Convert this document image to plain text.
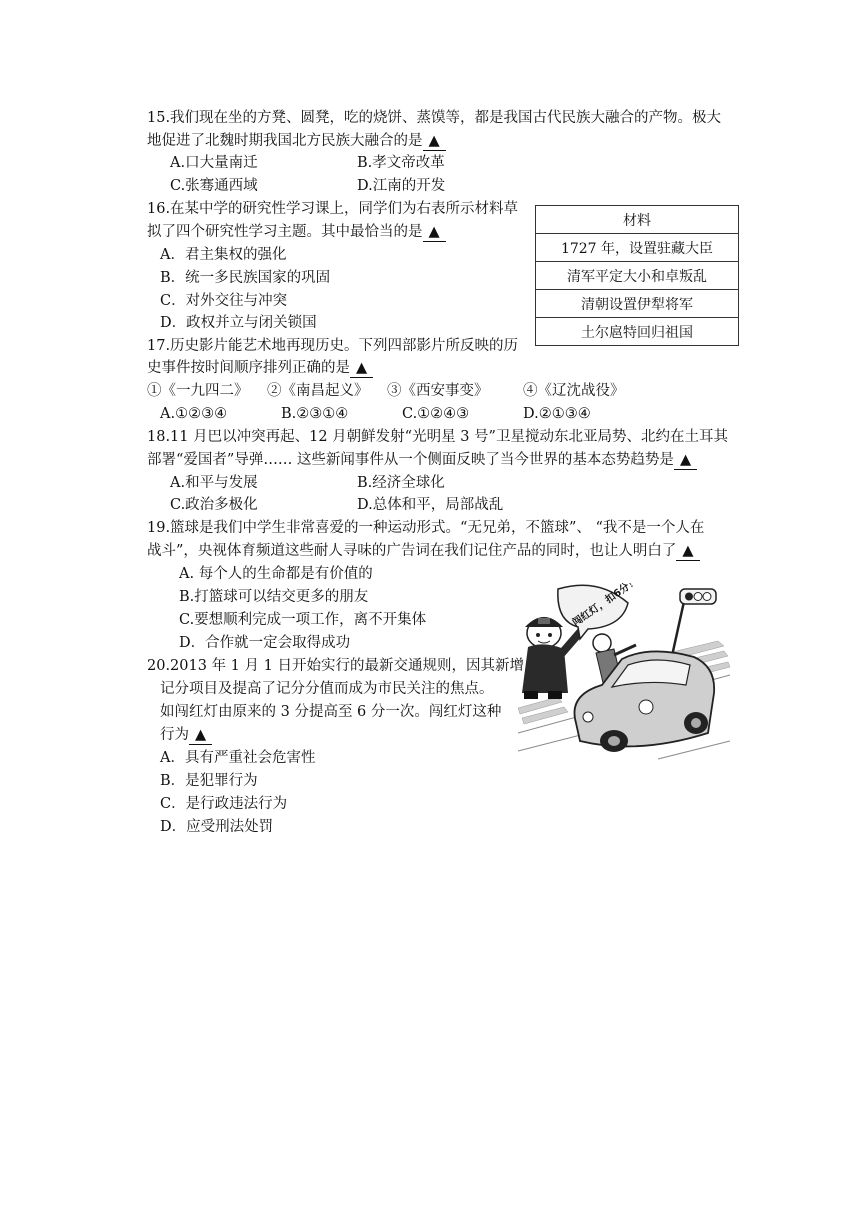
15.我们现在坐的方凳、圆凳，吃的烧饼、蒸馍等，都是我国古代民族大融合的产物。极大
地促进了北魏时期我国北方民族大融合的是 ▲
A.口大量南迁	B.孝文帝改革
C.张骞通西域	D.江南的开发
16.在某中学的研究性学习课上，同学们为右表所示材料草
拟了四个研究性学习主题。其中最恰当的是 ▲
A．君主集权的强化
B．统一多民族国家的巩固
C．对外交往与冲突
D．政权并立与闭关锁国
材料
1727 年，设置驻藏大臣
清军平定大小和卓叛乱
清朝设置伊犁将军
土尔扈特回归祖国
17.历史影片能艺术地再现历史。下列四部影片所反映的历
史事件按时间顺序排列正确的是 ▲
①《一九四二》 ②《南昌起义》 ③《西安事变》 ④《辽沈战役》
A.①②③④	B.②③①④	C.①②④③	D.②①③④
18.11 月巴以冲突再起、12 月朝鲜发射“光明星 3 号”卫星搅动东北亚局势、北约在土耳其
部署“爱国者”导弹…… 这些新闻事件从一个侧面反映了当今世界的基本态势趋势是 ▲
A.和平与发展	B.经济全球化
C.政治多极化	D.总体和平，局部战乱
19.篮球是我们中学生非常喜爱的一种运动形式。“无兄弟，不篮球”、 “我不是一个人在
战斗”，央视体育频道这些耐人寻味的广告词在我们记住产品的同时，也让人明白了 ▲
A. 每个人的生命都是有价值的
B.打篮球可以结交更多的朋友
C.要想顺利完成一项工作，离不开集体
D．合作就一定会取得成功
20.2013 年 1 月 1 日开始实行的最新交通规则，因其新增
记分项目及提高了记分分值而成为市民关注的焦点。
如闯红灯由原来的 3 分提高至 6 分一次。闯红灯这种
行为 ▲
A．具有严重社会危害性
B．是犯罪行为
C．是行政违法行为
D．应受刑法处罚
闯红灯，扣6分！
